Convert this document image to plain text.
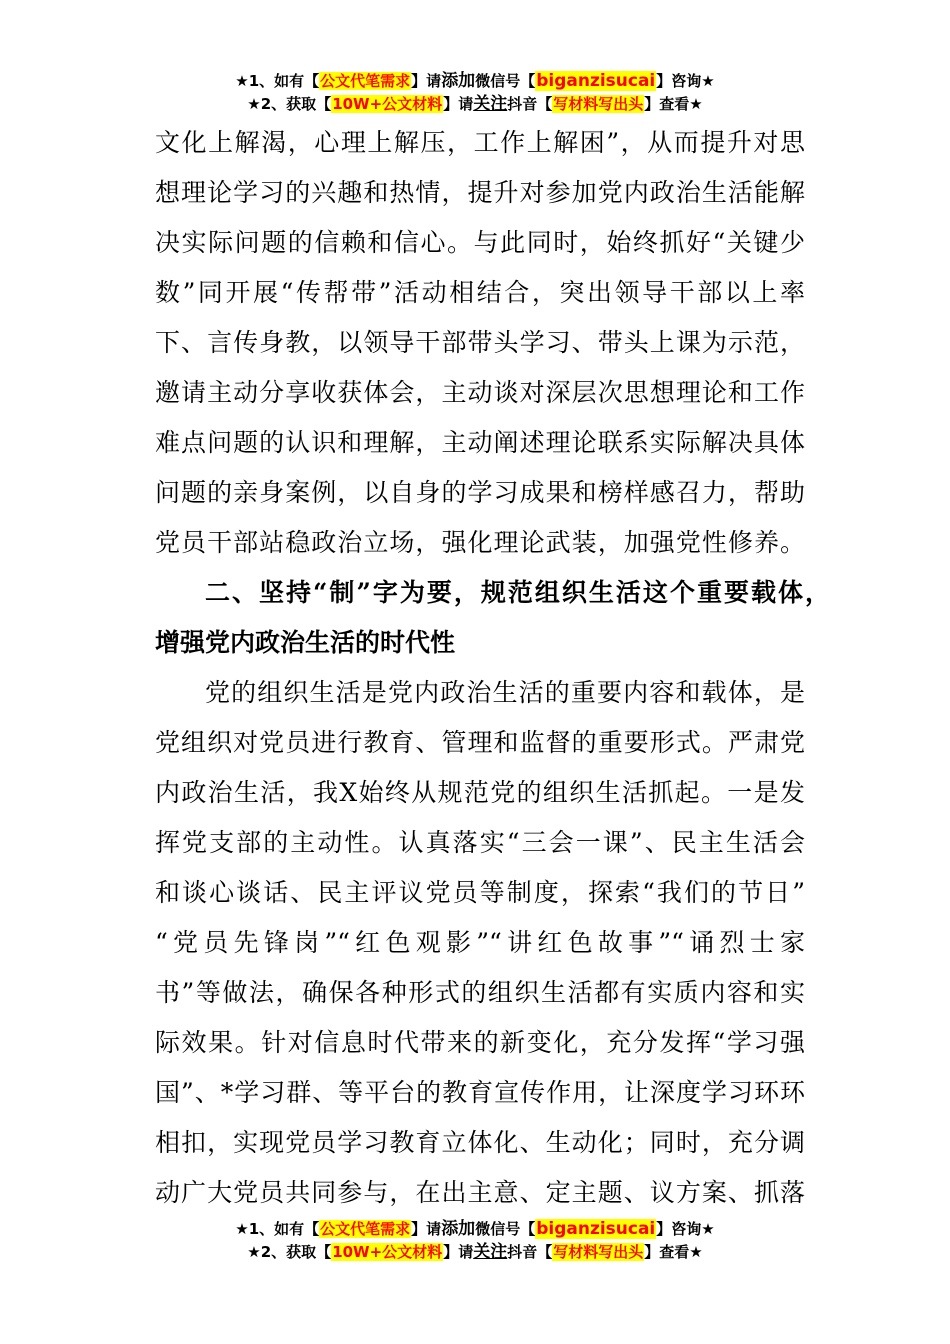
★1、如有【公文代笔需求】请添加微信号【biganzisucai】咨询★
★2、获取【10W+公文材料】请关注抖音【写材料写出头】查看★
文化上解渴，心理上解压，工作上解困”，从而提升对思
想理论学习的兴趣和热情，提升对参加党内政治生活能解
决实际问题的信赖和信心。与此同时，始终抓好“关键少
数”同开展“传帮带”活动相结合，突出领导干部以上率
下、言传身教，以领导干部带头学习、带头上课为示范，
邀请主动分享收获体会，主动谈对深层次思想理论和工作
难点问题的认识和理解，主动阐述理论联系实际解决具体
问题的亲身案例，以自身的学习成果和榜样感召力，帮助
党员干部站稳政治立场，强化理论武装，加强党性修养。
二、坚持“制”字为要，规范组织生活这个重要载体，
增强党内政治生活的时代性
党的组织生活是党内政治生活的重要内容和载体，是
党组织对党员进行教育、管理和监督的重要形式。严肃党
内政治生活，我X始终从规范党的组织生活抓起。一是发
挥党支部的主动性。认真落实“三会一课”、民主生活会
和谈心谈话、民主评议党员等制度，探索“我们的节日”
“党员先锋岗”“红色观影”“讲红色故事”“诵烈士家
书”等做法，确保各种形式的组织生活都有实质内容和实
际效果。针对信息时代带来的新变化，充分发挥“学习强
国”、*学习群、等平台的教育宣传作用，让深度学习环环
相扣，实现党员学习教育立体化、生动化；同时，充分调
动广大党员共同参与，在出主意、定主题、议方案、抓落
★1、如有【公文代笔需求】请添加微信号【biganzisucai】咨询★
★2、获取【10W+公文材料】请关注抖音【写材料写出头】查看★
